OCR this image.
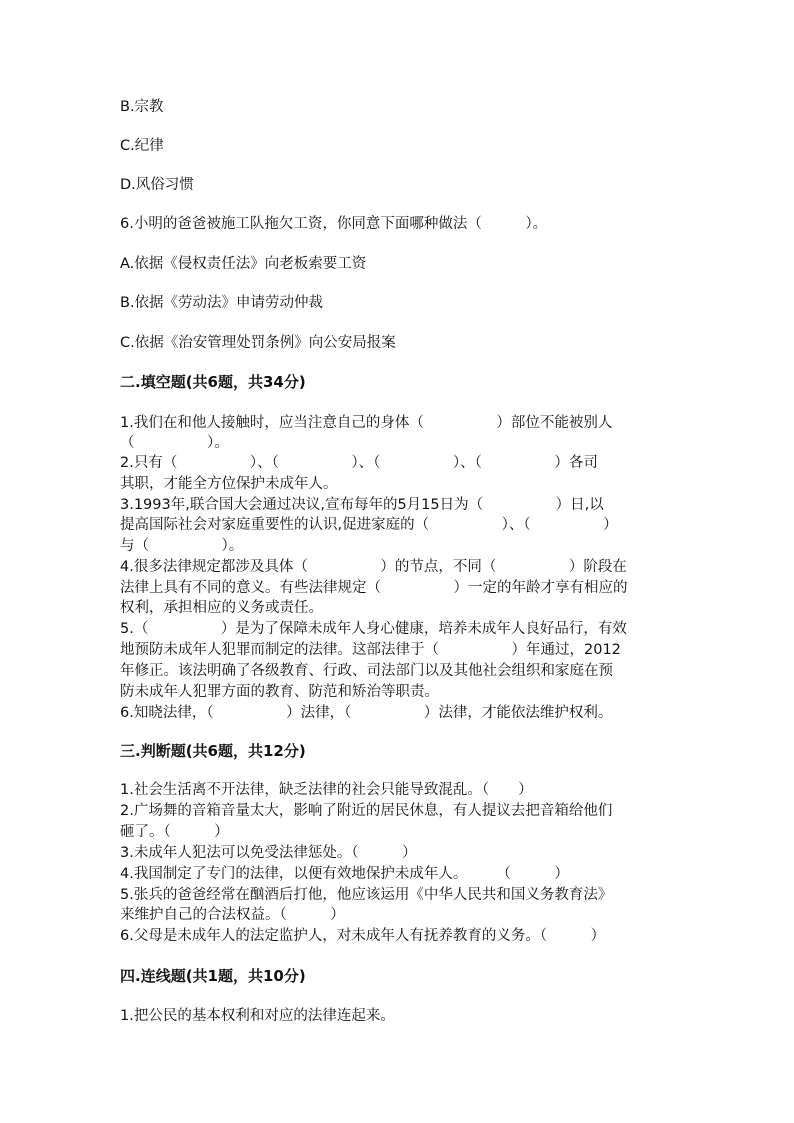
B.宗教

C.纪律

D.风俗习惯

6.小明的爸爸被施工队拖欠工资，你同意下面哪种做法（　　　）。

A.依据《侵权责任法》向老板索要工资

B.依据《劳动法》申请劳动仲裁

C.依据《治安管理处罚条例》向公安局报案

二.填空题(共6题，共34分)

1.我们在和他人接触时，应当注意自己的身体（　　　　　）部位不能被别人

（　　　　　）。

2.只有（　　　　　）、（　　　　　）、（　　　　　）、（　　　　　）各司

其职，才能全方位保护未成年人。

3.1993年,联合国大会通过决议,宣布每年的5月15日为（　　　　　）日,以

提高国际社会对家庭重要性的认识,促进家庭的（　　　　　）、（　　　　　）

与（　　　　　）。

4.很多法律规定都涉及具体（　　　　　）的节点，不同（　　　　　）阶段在

法律上具有不同的意义。有些法律规定（　　　　　）一定的年龄才享有相应的

权利，承担相应的义务或责任。

5.（　　　　　）是为了保障未成年人身心健康，培养未成年人良好品行，有效

地预防未成年人犯罪而制定的法律。这部法律于（　　　　　）年通过，2012

年修正。该法明确了各级教育、行政、司法部门以及其他社会组织和家庭在预

防未成年人犯罪方面的教育、防范和矫治等职责。

6.知晓法律，（　　　　　）法律，（　　　　　）法律，才能依法维护权利。

三.判断题(共6题，共12分)

1.社会生活离不开法律，缺乏法律的社会只能导致混乱。（　　）

2.广场舞的音箱音量太大，影响了附近的居民休息，有人提议去把音箱给他们

砸了。（　　　）

3.未成年人犯法可以免受法律惩处。（　　　）

4.我国制定了专门的法律，以便有效地保护未成年人。　　　（　　　）

5.张兵的爸爸经常在酗酒后打他，他应该运用《中华人民共和国义务教育法》

来维护自己的合法权益。（　　　）

6.父母是未成年人的法定监护人，对未成年人有抚养教育的义务。（　　　）

四.连线题(共1题，共10分)

1.把公民的基本权利和对应的法律连起来。
